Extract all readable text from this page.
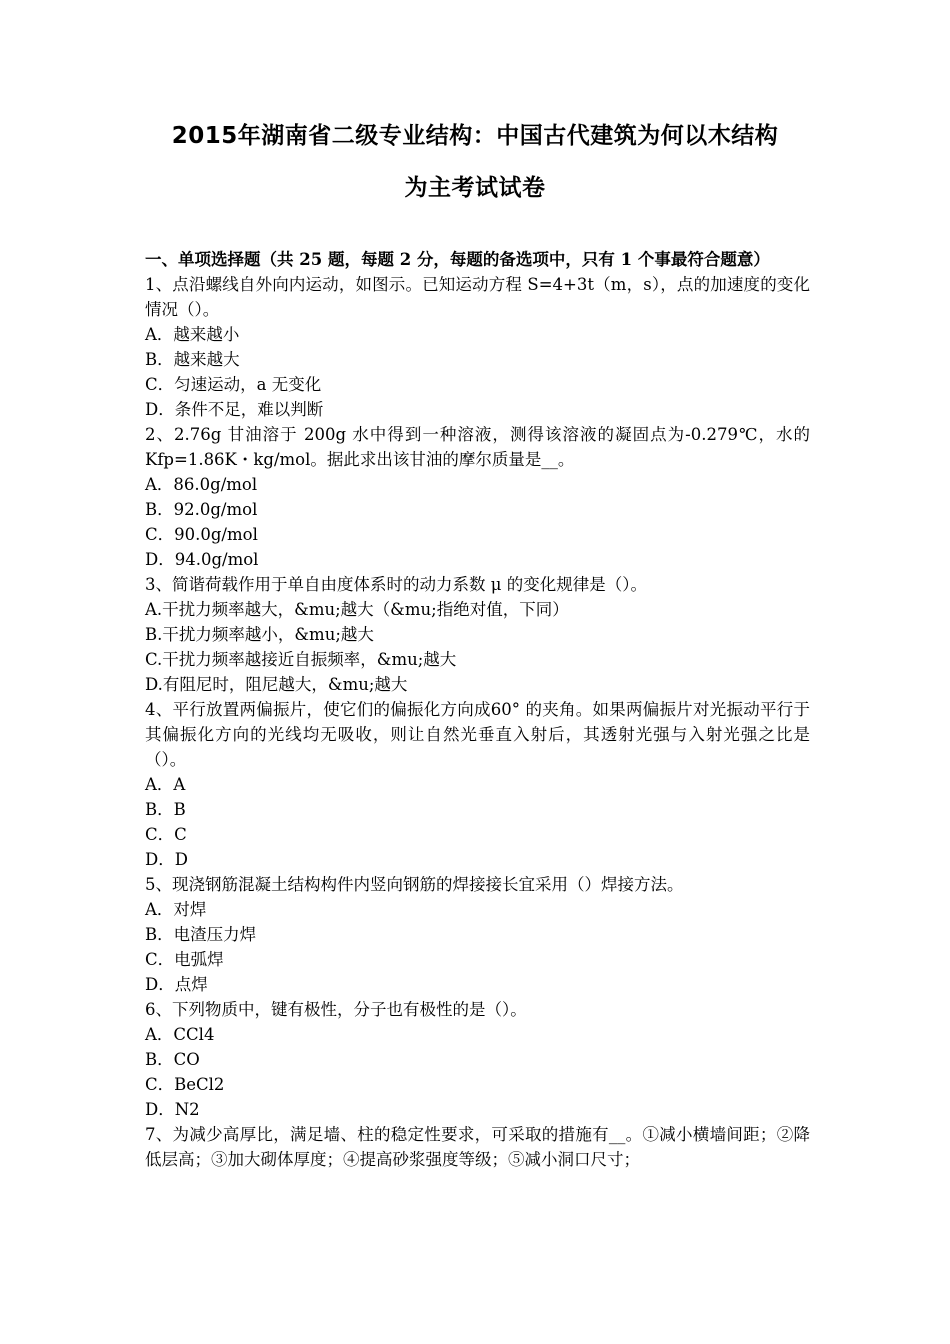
2015年湖南省二级专业结构：中国古代建筑为何以木结构
为主考试试卷
一、单项选择题（共 25 题，每题 2 分，每题的备选项中，只有 1 个事最符合题意）
1、点沿螺线自外向内运动，如图示。已知运动方程 S=4+3t（m，s），点的加速度的变化情况（）。
A．越来越小
B．越来越大
C．匀速运动，a 无变化
D．条件不足，难以判断
2、2.76g 甘油溶于 200g 水中得到一种溶液，测得该溶液的凝固点为-0.279℃，水的 Kfp=1.86K・kg/mol。据此求出该甘油的摩尔质量是__。
A．86.0g/mol
B．92.0g/mol
C．90.0g/mol
D．94.0g/mol
3、简谐荷载作用于单自由度体系时的动力系数 μ 的变化规律是（）。
A.干扰力频率越大，&mu;越大（&mu;指绝对值，下同）
B.干扰力频率越小，&mu;越大
C.干扰力频率越接近自振频率，&mu;越大
D.有阻尼时，阻尼越大，&mu;越大
4、平行放置两偏振片，使它们的偏振化方向成60° 的夹角。如果两偏振片对光振动平行于其偏振化方向的光线均无吸收，则让自然光垂直入射后，其透射光强与入射光强之比是（）。
A．A
B．B
C．C
D．D
5、现浇钢筋混凝土结构构件内竖向钢筋的焊接接长宜采用（）焊接方法。
A．对焊
B．电渣压力焊
C．电弧焊
D．点焊
6、下列物质中，键有极性，分子也有极性的是（）。
A．CCl4
B．CO
C．BeCl2
D．N2
7、为减少高厚比，满足墙、柱的稳定性要求，可采取的措施有__。①减小横墙间距；②降低层高；③加大砌体厚度；④提高砂浆强度等级；⑤减小洞口尺寸；
